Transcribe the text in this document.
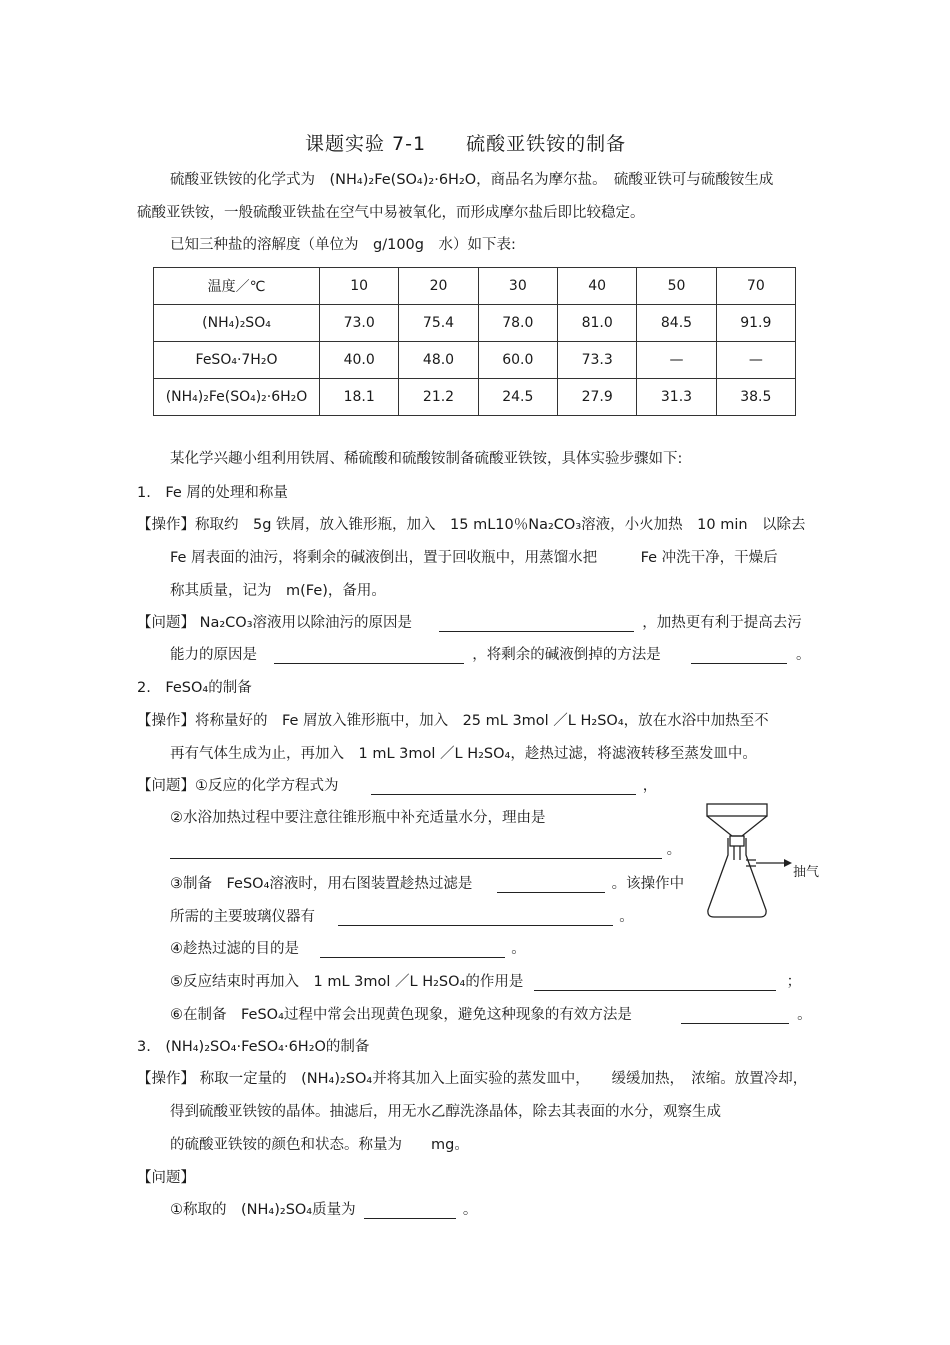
课题实验 7-1　　硫酸亚铁铵的制备
硫酸亚铁铵的化学式为　(NH₄)₂Fe(SO₄)₂·6H₂O，商品名为摩尔盐。　硫酸亚铁可与硫酸铵生成
硫酸亚铁铵，一般硫酸亚铁盐在空气中易被氧化，而形成摩尔盐后即比较稳定。
已知三种盐的溶解度（单位为　g/100g　水）如下表:
温度／℃	10	20	30	40	50	70
(NH₄)₂SO₄	73.0	75.4	78.0	81.0	84.5	91.9
FeSO₄·7H₂O	40.0	48.0	60.0	73.3	—	—
(NH₄)₂Fe(SO₄)₂·6H₂O	18.1	21.2	24.5	27.9	31.3	38.5
某化学兴趣小组利用铁屑、稀硫酸和硫酸铵制备硫酸亚铁铵，具体实验步骤如下:
1.　Fe 屑的处理和称量
【操作】称取约　5g 铁屑，放入锥形瓶，加入　15 mL10％Na₂CO₃溶液，小火加热　10 min　以除去
Fe 屑表面的油污，将剩余的碱液倒出，置于回收瓶中，用蒸馏水把　　　Fe 冲洗干净，干燥后
称其质量，记为　m(Fe)，备用。
【问题】 Na₂CO₃溶液用以除油污的原因是	，加热更有利于提高去污
能力的原因是	，将剩余的碱液倒掉的方法是	。
2.　FeSO₄的制备
【操作】将称量好的　Fe 屑放入锥形瓶中，加入　25 mL 3mol ／L H₂SO₄，放在水浴中加热至不
再有气体生成为止，再加入　1 mL 3mol ／L H₂SO₄，趁热过滤，将滤液转移至蒸发皿中。
【问题】①反应的化学方程式为	，
②水浴加热过程中要注意往锥形瓶中补充适量水分，理由是
。
③制备　FeSO₄溶液时，用右图装置趁热过滤是	。该操作中
所需的主要玻璃仪器有	。
④趁热过滤的目的是	。
⑤反应结束时再加入　1 mL 3mol ／L H₂SO₄的作用是	；
⑥在制备　FeSO₄过程中常会出现黄色现象，避免这种现象的有效方法是	。
抽气
3.　(NH₄)₂SO₄·FeSO₄·6H₂O的制备
【操作】 称取一定量的　(NH₄)₂SO₄并将其加入上面实验的蒸发皿中，　　缓缓加热，　浓缩。放置冷却，
得到硫酸亚铁铵的晶体。抽滤后，用无水乙醇洗涤晶体，除去其表面的水分，观察生成
的硫酸亚铁铵的颜色和状态。称量为　　mg。
【问题】
①称取的　(NH₄)₂SO₄质量为	。
